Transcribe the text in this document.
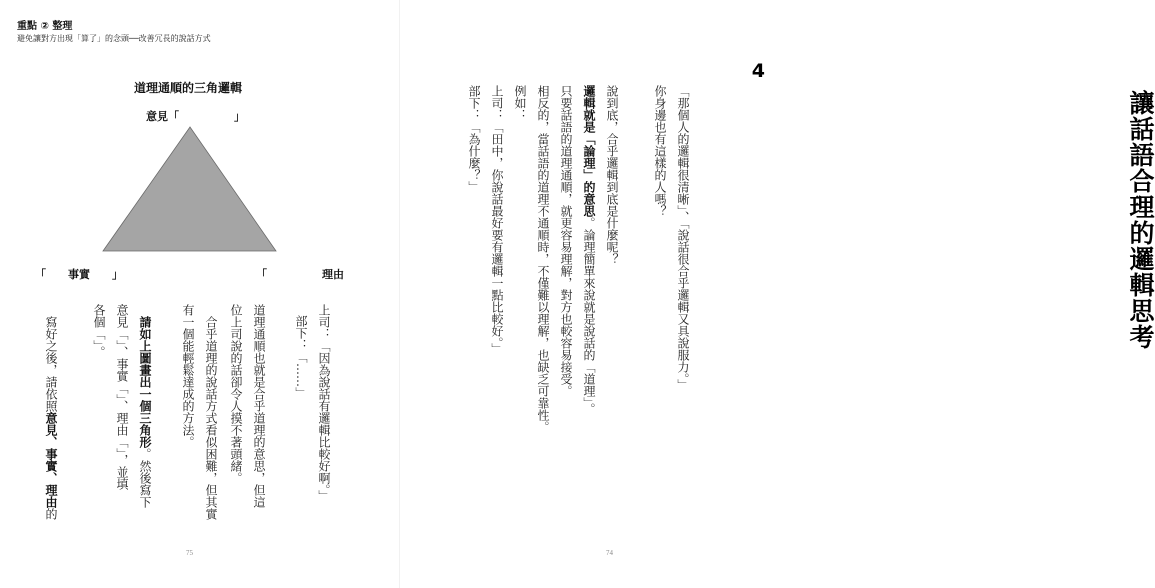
重點 ② 整理

避免讓對方出現「算了」的念頭──改善冗長的說話方式

道理通順的三角邏輯
意見「　　　　　」
「　　事實　　」	「　　　　　理由

上司：「因為說話有邏輯比較好啊。」

部下：「……」

道理通順也就是合乎道理的意思，但這

位上司說的話卻令人摸不著頭緒。

合乎道理的說話方式看似困難，但其實

有一個能輕鬆達成的方法。

請如上圖畫出一個三角形。然後寫下

意見「」、事實「」、理由「」，並填

各個「」。

寫好之後，請依照意見、事實、理由的

75

4

讓話語合理的邏輯思考

「那個人的邏輯很清晰」、「說話很合乎邏輯又具說服力。」

你身邊也有這樣的人嗎？

說到底，合乎邏輯到底是什麼呢？

邏輯就是「論理」的意思。論理簡單來說就是說話的「道理」。

只要話語的道理通順，就更容易理解，對方也較容易接受。

相反的，當話語的道理不通順時，不僅難以理解，也缺乏可靠性。

例如：

上司：「田中，你說話最好要有邏輯一點比較好。」

部下：「為什麼？」

74
